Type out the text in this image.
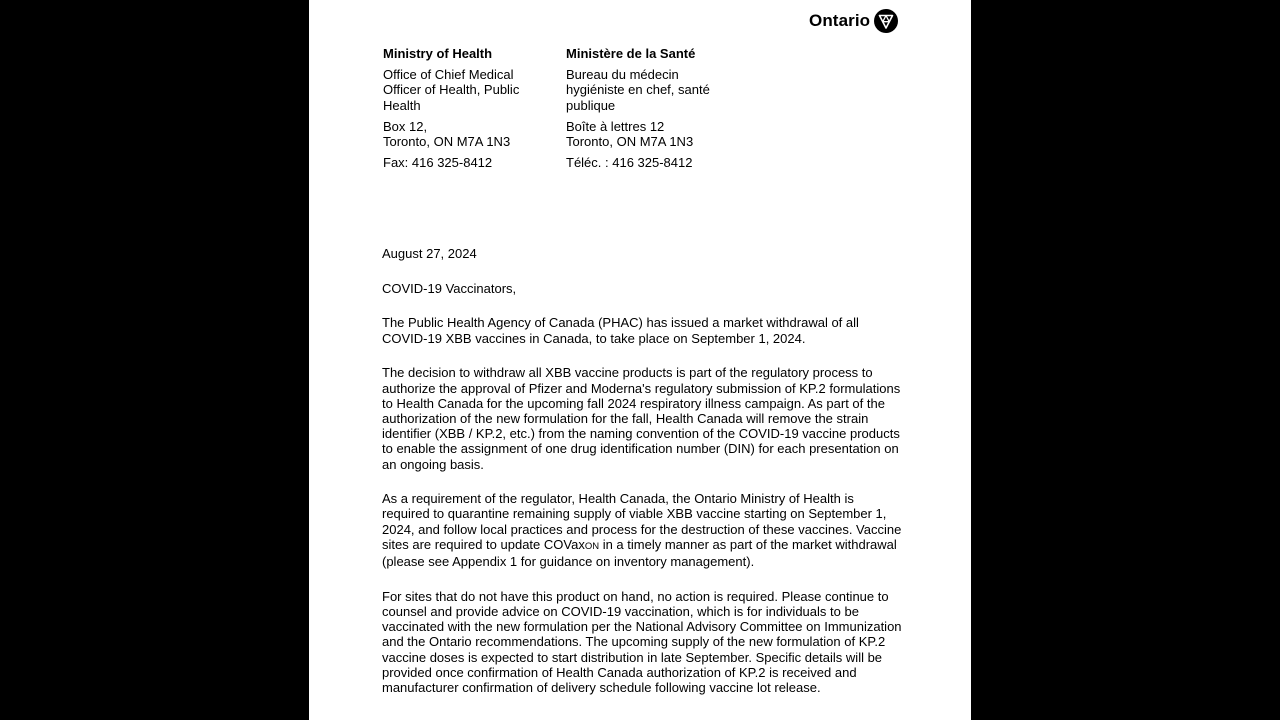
Ontario

Ministry of Health

Office of Chief Medical Officer of Health, Public Health

Box 12,
Toronto, ON M7A 1N3

Fax: 416 325-8412

Ministère de la Santé

Bureau du médecin hygiéniste en chef, santé publique

Boîte à lettres 12
Toronto, ON M7A 1N3

Téléc. : 416 325-8412

August 27, 2024

COVID-19 Vaccinators,

The Public Health Agency of Canada (PHAC) has issued a market withdrawal of all COVID-19 XBB vaccines in Canada, to take place on September 1, 2024.

The decision to withdraw all XBB vaccine products is part of the regulatory process to authorize the approval of Pfizer and Moderna's regulatory submission of KP.2 formulations to Health Canada for the upcoming fall 2024 respiratory illness campaign. As part of the authorization of the new formulation for the fall, Health Canada will remove the strain identifier (XBB / KP.2, etc.) from the naming convention of the COVID-19 vaccine products to enable the assignment of one drug identification number (DIN) for each presentation on an ongoing basis.

As a requirement of the regulator, Health Canada, the Ontario Ministry of Health is required to quarantine remaining supply of viable XBB vaccine starting on September 1, 2024, and follow local practices and process for the destruction of these vaccines. Vaccine sites are required to update COVaxON in a timely manner as part of the market withdrawal (please see Appendix 1 for guidance on inventory management).

For sites that do not have this product on hand, no action is required. Please continue to counsel and provide advice on COVID-19 vaccination, which is for individuals to be vaccinated with the new formulation per the National Advisory Committee on Immunization and the Ontario recommendations. The upcoming supply of the new formulation of KP.2 vaccine doses is expected to start distribution in late September. Specific details will be provided once confirmation of Health Canada authorization of KP.2 is received and manufacturer confirmation of delivery schedule following vaccine lot release.
